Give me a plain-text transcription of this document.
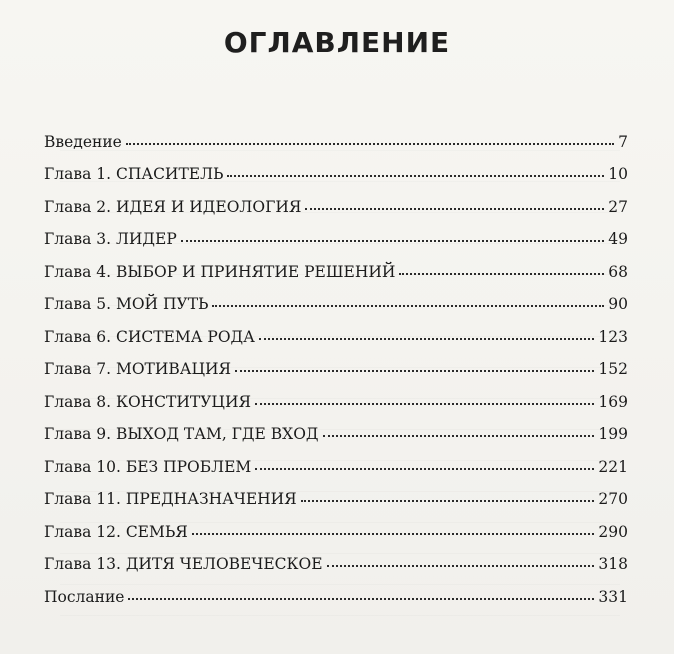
ОГЛАВЛЕНИЕ
Введение	7
Глава 1. СПАСИТЕЛЬ	10
Глава 2. ИДЕЯ И ИДЕОЛОГИЯ	27
Глава 3. ЛИДЕР	49
Глава 4. ВЫБОР И ПРИНЯТИЕ РЕШЕНИЙ	68
Глава 5. МОЙ ПУТЬ	90
Глава 6. СИСТЕМА РОДА	123
Глава 7. МОТИВАЦИЯ	152
Глава 8. КОНСТИТУЦИЯ	169
Глава 9. ВЫХОД ТАМ, ГДЕ ВХОД	199
Глава 10. БЕЗ ПРОБЛЕМ	221
Глава 11. ПРЕДНАЗНАЧЕНИЯ	270
Глава 12. СЕМЬЯ	290
Глава 13. ДИТЯ ЧЕЛОВЕЧЕСКОЕ	318
Послание	331
